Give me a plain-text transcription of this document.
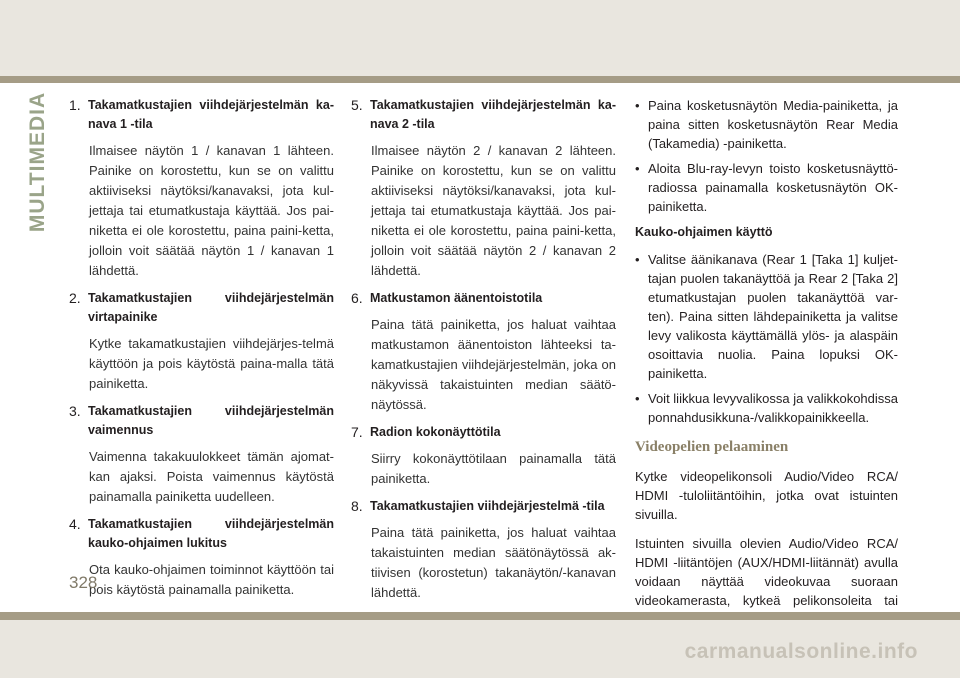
MULTIMEDIA 1. Takamatkustajien viihdejärjestelmän ka-nava 1 -tila
Ilmaisee näytön 1 / kanavan 1 lähteen. Painike on korostettu, kun se on valittu aktiiviseksi näytöksi/kanavaksi, jota kul-jettaja tai etumatkustaja käyttää. Jos pai-niketta ei ole korostettu, paina paini-ketta, jolloin voit säätää näytön 1 / kanavan 1 lähdettä.
2. Takamatkustajien viihdejärjestelmän virtapainike
Kytke takamatkustajien viihdejärjes-telmä käyttöön ja pois käytöstä paina-malla tätä painiketta.
3. Takamatkustajien viihdejärjestelmän vaimennus
Vaimenna takakuulokkeet tämän ajomat-kan ajaksi. Poista vaimennus käytöstä painamalla painiketta uudelleen.
4. Takamatkustajien viihdejärjestelmän kauko-ohjaimen lukitus
Ota kauko-ohjaimen toiminnot käyttöön tai pois käytöstä painamalla painiketta.
5. Takamatkustajien viihdejärjestelmän ka-nava 2 -tila
Ilmaisee näytön 2 / kanavan 2 lähteen. Painike on korostettu, kun se on valittu aktiiviseksi näytöksi/kanavaksi, jota kul-jettaja tai etumatkustaja käyttää. Jos pai-niketta ei ole korostettu, paina paini-ketta, jolloin voit säätää näytön 2 / kanavan 2 lähdettä.
6. Matkustamon äänentoistotila
Paina tätä painiketta, jos haluat vaihtaa matkustamon äänentoiston lähteeksi ta-kamatkustajien viihdejärjestelmän, joka on näkyvissä takaistuinten median säätö-näytössä.
7. Radion kokonäyttötila
Siirry kokonäyttötilaan painamalla tätä painiketta.
8. Takamatkustajien viihdejärjestelmä -tila
Paina tätä painiketta, jos haluat vaihtaa takaistuinten median säätönäytössä ak-tiivisen (korostetun) takanäytön/-kanavan lähdettä.
• Paina kosketusnäytön Media-painiketta, ja paina sitten kosketusnäytön Rear Media (Takamedia) -painiketta.
• Aloita Blu-ray-levyn toisto kosketusnäyttö-radiossa painamalla kosketusnäytön OK-painiketta.
Kauko-ohjaimen käyttö
• Valitse äänikanava (Rear 1 [Taka 1] kuljet-tajan puolen takanäyttöä ja Rear 2 [Taka 2] etumatkustajan puolen takanäyttöä var-ten). Paina sitten lähdepainiketta ja valitse levy valikosta käyttämällä ylös- ja alaspäin osoittavia nuolia. Paina lopuksi OK-painiketta.
• Voit liikkua levyvalikossa ja valikkokohdissa ponnahdusikkuna-/valikkopainikkeella.
Videopelien pelaaminen
Kytke videopelikonsoli Audio/Video RCA/ HDMI -tuloliitäntöihin, jotka ovat istuinten sivuilla.
Istuinten sivuilla olevien Audio/Video RCA/ HDMI -liitäntöjen (AUX/HDMI-liitännät) avulla voidaan näyttää videokuvaa suoraan videokamerasta, kytkeä pelikonsoleita tai
328
carmanualsonline.info
